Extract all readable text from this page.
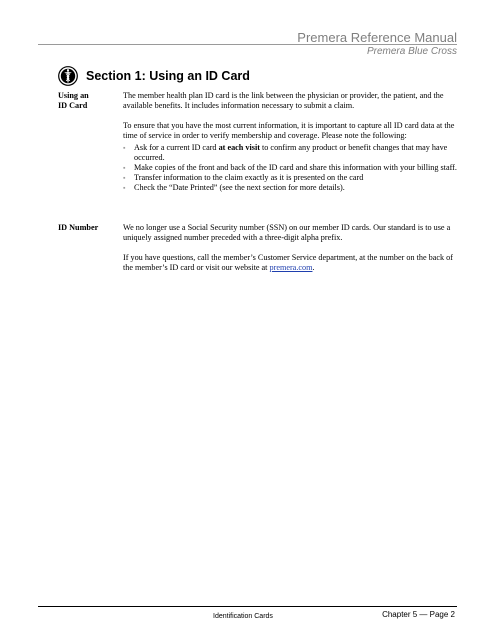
Premera Reference Manual
Premera Blue Cross
Section 1: Using an ID Card
Using an
ID Card

The member health plan ID card is the link between the physician or provider, the patient, and the available benefits. It includes information necessary to submit a claim.

To ensure that you have the most current information, it is important to capture all ID card data at the time of service in order to verify membership and coverage. Please note the following:

▪ Ask for a current ID card at each visit to confirm any product or benefit changes that may have occurred.
▪ Make copies of the front and back of the ID card and share this information with your billing staff.
▪ Transfer information to the claim exactly as it is presented on the card
▪ Check the “Date Printed” (see the next section for more details).
ID Number	We no longer use a Social Security number (SSN) on our member ID cards. Our standard is to use a uniquely assigned number preceded with a three-digit alpha prefix.

If you have questions, call the member’s Customer Service department, at the number on the back of the member’s ID card or visit our website at premera.com.

Identification Cards	Chapter 5 — Page 2
